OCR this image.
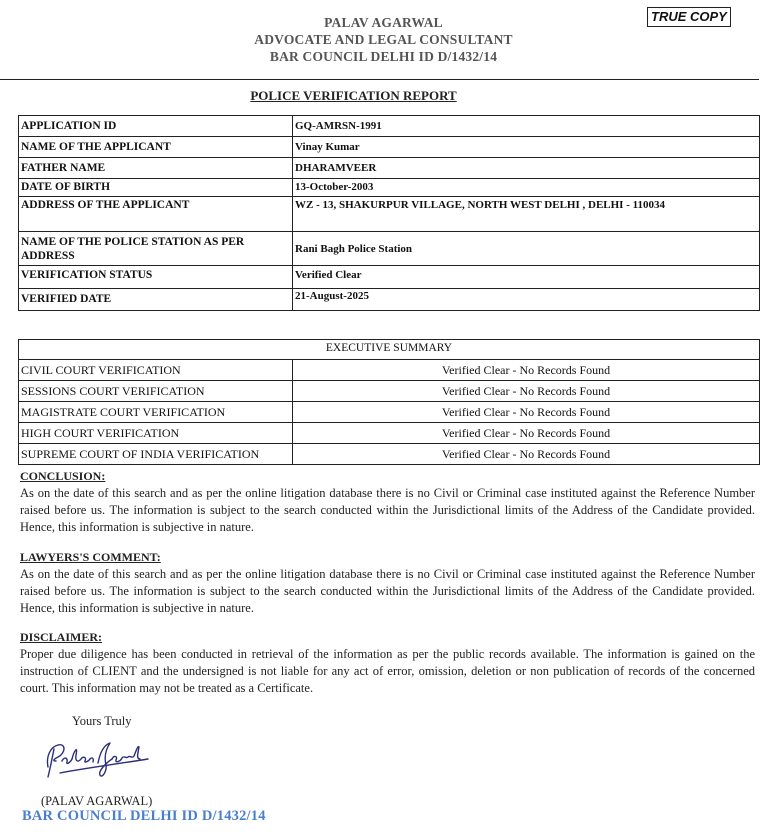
TRUE COPY
PALAV AGARWAL
ADVOCATE AND LEGAL CONSULTANT
BAR COUNCIL DELHI ID D/1432/14
POLICE VERIFICATION REPORT
APPLICATION ID	GQ-AMRSN-1991
NAME OF THE APPLICANT	Vinay Kumar
FATHER NAME	DHARAMVEER
DATE OF BIRTH	13-October-2003
ADDRESS OF THE APPLICANT	WZ - 13, SHAKURPUR VILLAGE, NORTH WEST DELHI , DELHI - 110034
NAME OF THE POLICE STATION AS PER ADDRESS	Rani Bagh Police Station
VERIFICATION STATUS	Verified Clear
VERIFIED DATE	21-August-2025
EXECUTIVE SUMMARY	
CIVIL COURT VERIFICATION	Verified Clear - No Records Found
SESSIONS COURT VERIFICATION	Verified Clear - No Records Found
MAGISTRATE COURT VERIFICATION	Verified Clear - No Records Found
HIGH COURT VERIFICATION	Verified Clear - No Records Found
SUPREME COURT OF INDIA VERIFICATION	Verified Clear - No Records Found
CONCLUSION:

As on the date of this search and as per the online litigation database there is no Civil or Criminal case instituted against the Reference Number raised before us. The information is subject to the search conducted within the Jurisdictional limits of the Address of the Candidate provided. Hence, this information is subjective in nature.

LAWYERS'S COMMENT:

As on the date of this search and as per the online litigation database there is no Civil or Criminal case instituted against the Reference Number raised before us. The information is subject to the search conducted within the Jurisdictional limits of the Address of the Candidate provided. Hence, this information is subjective in nature.

DISCLAIMER:

Proper due diligence has been conducted in retrieval of the information as per the public records available. The information is gained on the instruction of CLIENT and the undersigned is not liable for any act of error, omission, deletion or non publication of records of the concerned court. This information may not be treated as a Certificate.

Yours Truly
(PALAV AGARWAL)
BAR COUNCIL DELHI ID D/1432/14
